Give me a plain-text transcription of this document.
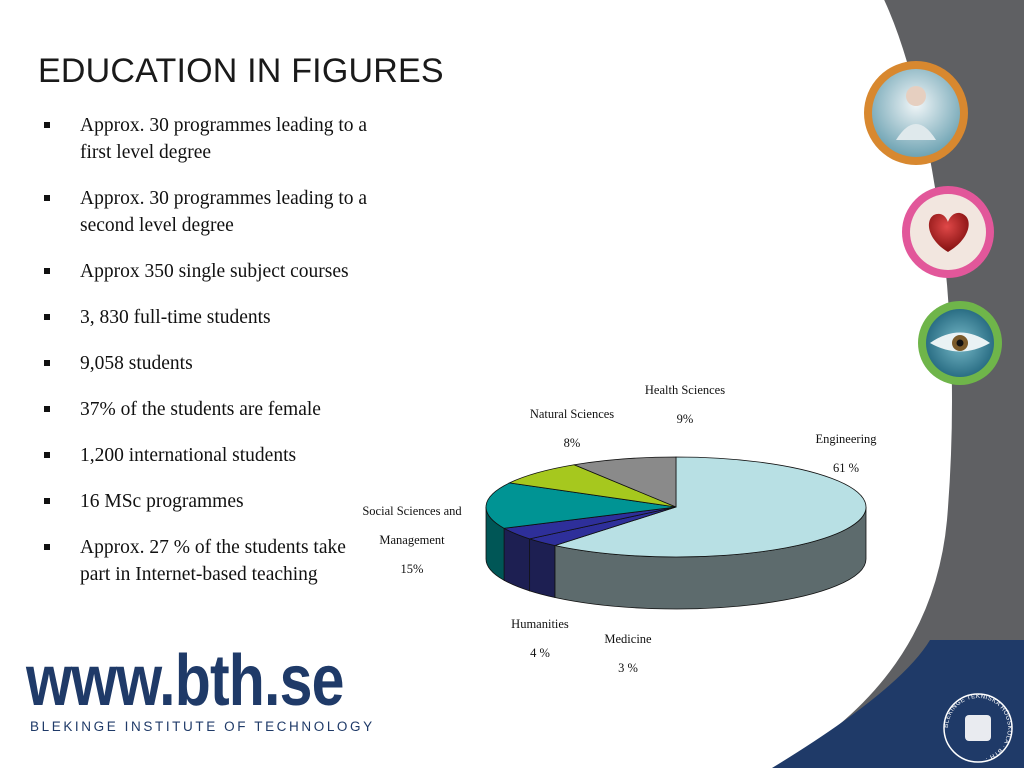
EDUCATION IN FIGURES
Approx. 30 programmes leading to a first level degree
Approx. 30 programmes leading to a second level degree
Approx 350 single subject courses
3, 830 full-time students
9,058 students
37% of the students are female
1,200 international students
16 MSc programmes
Approx. 27 % of the students take part in Internet-based teaching
Engineering
61 %
Medicine
3 %
Humanities
4 %
Social Sciences and
Management
15%
Natural Sciences
8%
Health Sciences
9%
www.bth.se
BLEKINGE INSTITUTE OF TECHNOLOGY	BLEKINGE TEKNISKA HÖGSKOLA · BTH ·
